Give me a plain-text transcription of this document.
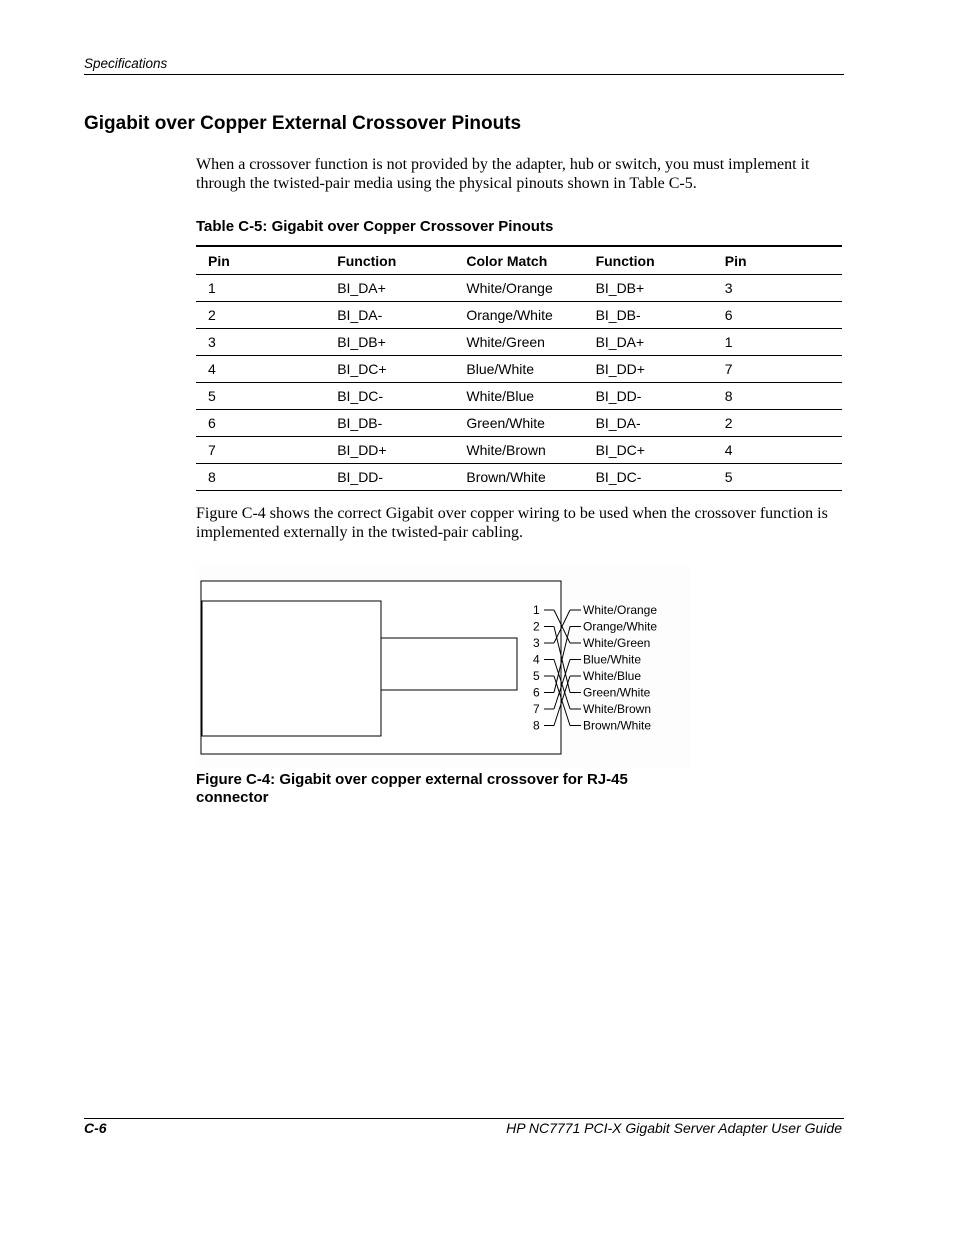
Specifications
Gigabit over Copper External Crossover Pinouts

When a crossover function is not provided by the adapter, hub or switch, you must implement it through the twisted-pair media using the physical pinouts shown in Table C-5.

Table C-5: Gigabit over Copper Crossover Pinouts

Pin	Function	Color Match	Function	Pin
1	BI_DA+	White/Orange	BI_DB+	3
2	BI_DA-	Orange/White	BI_DB-	6
3	BI_DB+	White/Green	BI_DA+	1
4	BI_DC+	Blue/White	BI_DD+	7
5	BI_DC-	White/Blue	BI_DD-	8
6	BI_DB-	Green/White	BI_DA-	2
7	BI_DD+	White/Brown	BI_DC+	4
8	BI_DD-	Brown/White	BI_DC-	5

Figure C-4 shows the correct Gigabit over copper wiring to be used when the crossover function is implemented externally in the twisted-pair cabling.

1
2
3
4
5
6
7
8
White/Orange
Orange/White
White/Green
Blue/White
White/Blue
Green/White
White/Brown
Brown/White

Figure C-4: Gigabit over copper external crossover for RJ-45 connector

C-6	HP NC7771 PCI-X Gigabit Server Adapter User Guide
